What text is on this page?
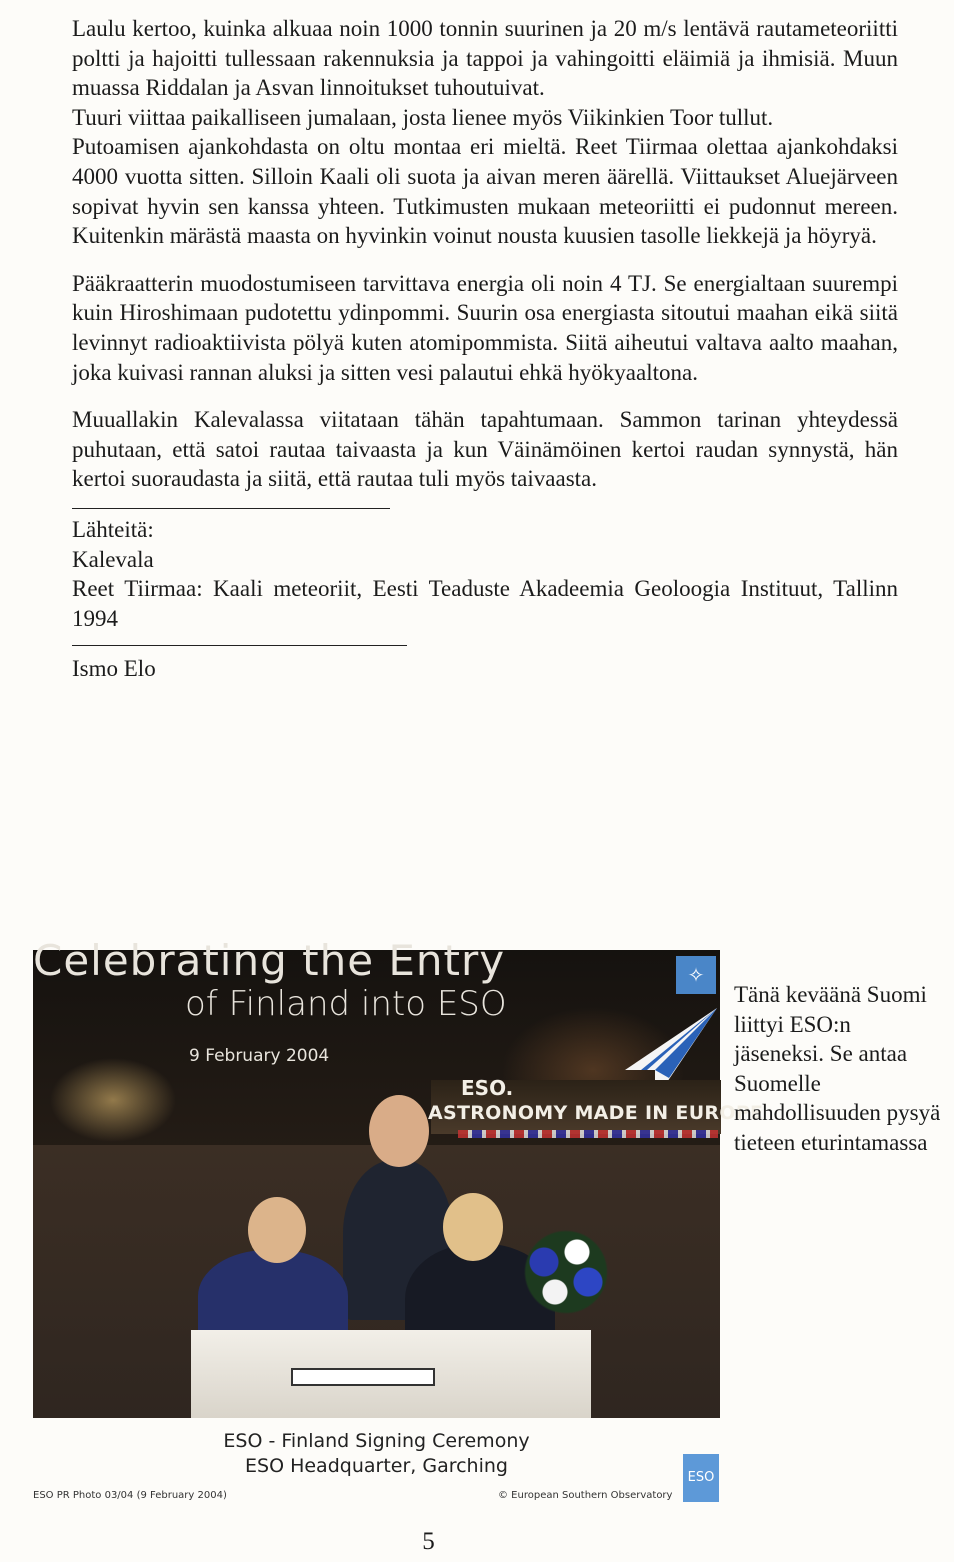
Laulu kertoo, kuinka alkuaa noin 1000 tonnin suurinen ja 20 m/s lentävä rautameteoriitti poltti ja hajoitti tullessaan rakennuksia ja tappoi ja vahingoitti eläimiä ja ihmisiä. Muun muassa Riddalan ja Asvan linnoitukset tuhoutuivat.

Tuuri viittaa paikalliseen jumalaan, josta lienee myös Viikinkien Toor tullut.

Putoamisen ajankohdasta on oltu montaa eri mieltä. Reet Tiirmaa olettaa ajankohdaksi 4000 vuotta sitten. Silloin Kaali oli suota ja aivan meren äärellä. Viittaukset Aluejärveen sopivat hyvin sen kanssa yhteen. Tutkimusten mukaan meteoriitti ei pudonnut mereen. Kuitenkin märästä maasta on hyvinkin voinut nousta kuusien tasolle liekkejä ja höyryä.

Pääkraatterin muodostumiseen tarvittava energia oli noin 4 TJ. Se energialtaan suurempi kuin Hiroshimaan pudotettu ydinpommi. Suurin osa energiasta sitoutui maahan eikä siitä levinnyt radioaktiivista pölyä kuten atomipommista. Siitä aiheutui valtava aalto maahan, joka kuivasi rannan aluksi ja sitten vesi palautui ehkä hyökyaaltona.

Muuallakin Kalevalassa viitataan tähän tapahtumaan. Sammon tarinan yhteydessä puhutaan, että satoi rautaa taivaasta ja kun Väinämöinen kertoi raudan synnystä, hän kertoi suoraudasta ja siitä, että rautaa tuli myös taivaasta.

Lähteitä:

Kalevala

Reet Tiirmaa: Kaali meteoriit, Eesti Teaduste Akadeemia Geoloogia Instituut, Tallinn 1994

Ismo Elo

Celebrating the Entry
of Finland into ESO
9 February 2004
✧
ESO.
ASTRONOMY MADE IN EUROPE

Tänä keväänä Suomi liittyi ESO:n jäseneksi. Se antaa Suomelle mahdollisuuden pysyä tieteen eturintamassa

ESO - Finland Signing Ceremony

ESO Headquarter, Garching

ESO PR Photo 03/04 (9 February 2004)	© European Southern Observatory

ESO

5
